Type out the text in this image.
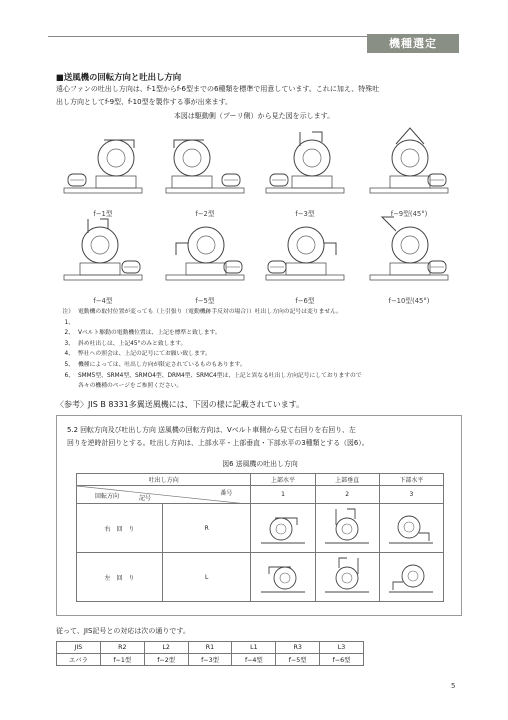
機種選定
■送風機の回転方向と吐出し方向
遠心ファンの吐出し方向は、f-1型からf-6型までの6種類を標準で用意しています。これに加え、特殊吐
出し方向としてf-9型、f-10型を製作する事が出来ます。
本図は駆動側（プーリ側）から見た図を示します。
f−1型	f−2型	f−3型	f−9型(45°)
f−4型	f−5型	f−6型	f−10型(45°)
注）1、
電動機の取付位置が変っても（上引張り（電動機跡手反対の場合））吐出し方向の記号は変りません。
2、 Vベルト駆動の電動機位置は、上記を標準と致します。
3、 斜め吐出しは、上記45°のみと致します。
4、 弊社への照会は、上記の記号にてお願い致します。
5、 機種によっては、吐出し方向が限定されているものもあります。
6、 SMM5型、SRM4型、SRMO4型、DRM4型、SRMC4型は、上記と異なる吐出し方向記号にしておりますので
各々の機種のページをご参照ください。
〈参考〉JIS B 8331多翼送風機には、下図の様に記載されています。
5.2 回転方向及び吐出し方向 送風機の回転方向は、Vベルト車側から見て右回りを右回り、左
回りを逆時計回りとする。吐出し方向は、上部水平・上部垂直・下部水平の3種類とする（図6）。
図6 送風機の吐出し方向
吐出し方向		上部水平	上部垂直	下部水平

番号
回転方向 記号		1	2	3
右　回　り	R			
左　回　り	L			
従って、JIS記号との対応は次の通りです。
JIS	R2	L2	R1	L1	R3	L3
エバラ	f−1型	f−2型	f−3型	f−4型	f−5型	f−6型
5
